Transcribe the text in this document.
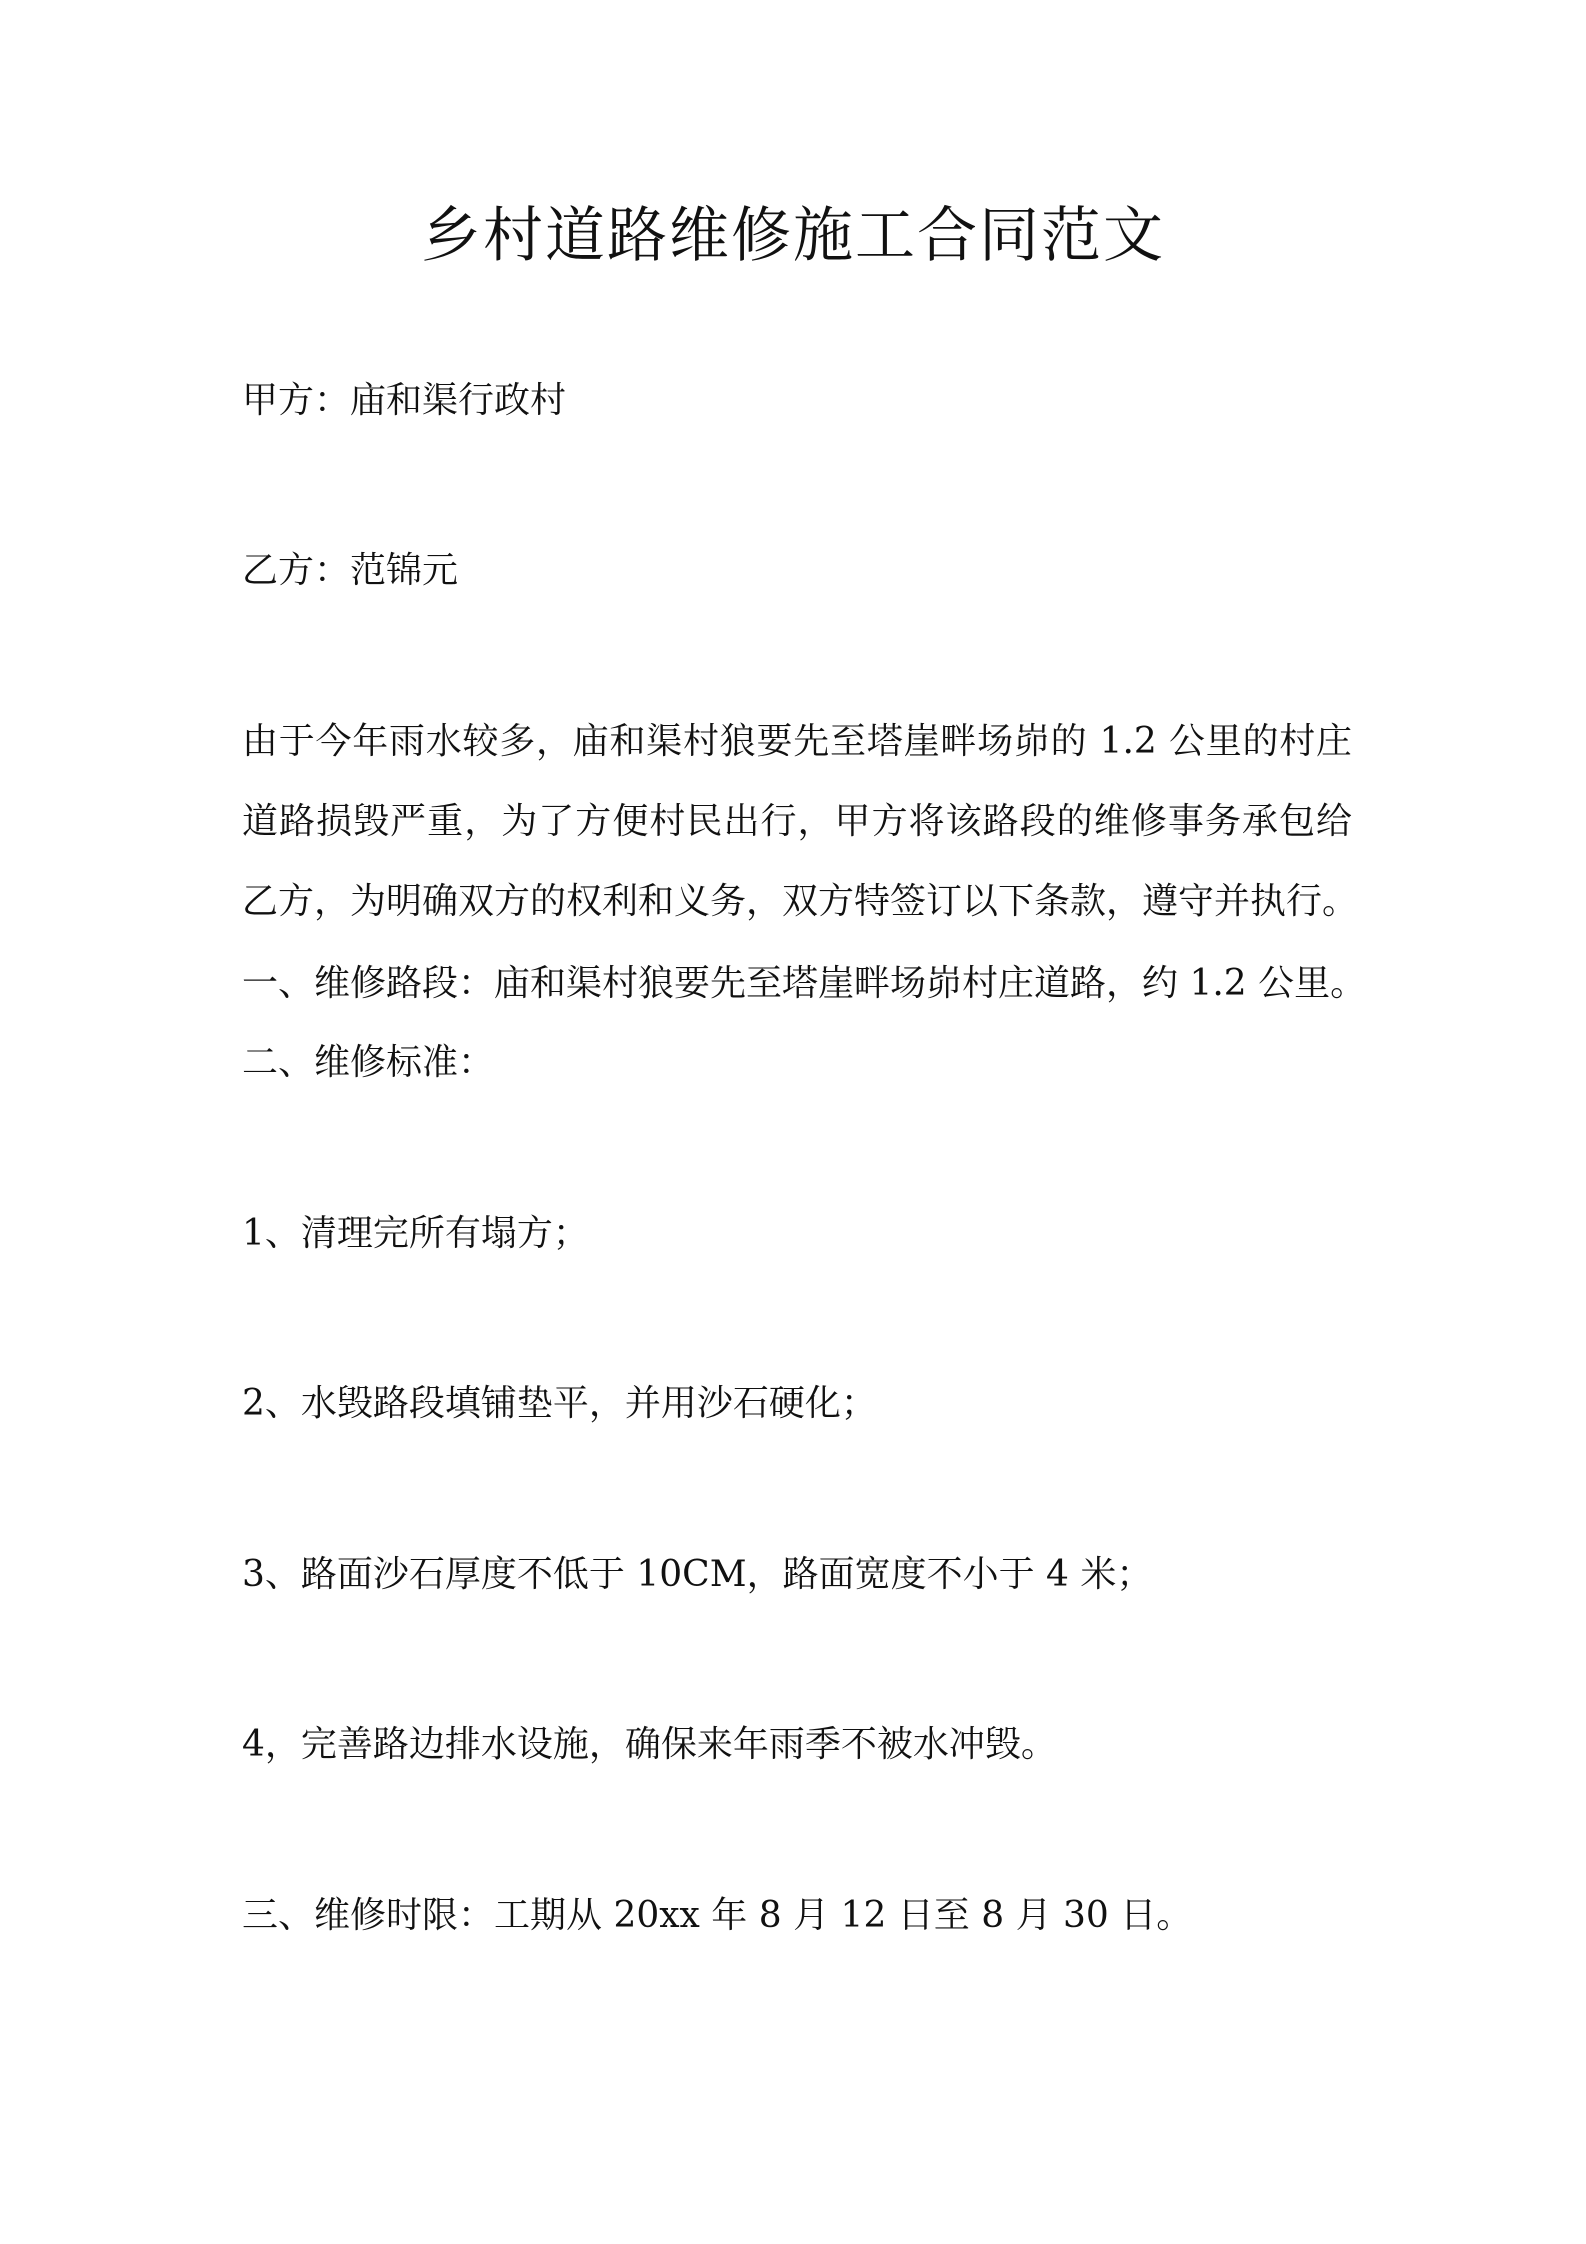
乡村道路维修施工合同范文
甲方：庙和渠行政村
乙方：范锦元
由于今年雨水较多，庙和渠村狼要先至塔崖畔场峁的 1.2 公里的村庄
道路损毁严重，为了方便村民出行，甲方将该路段的维修事务承包给
乙方，为明确双方的权利和义务，双方特签订以下条款，遵守并执行。
一、维修路段：庙和渠村狼要先至塔崖畔场峁村庄道路，约 1.2 公里。
二、维修标准：
1、清理完所有塌方；
2、水毁路段填铺垫平，并用沙石硬化；
3、路面沙石厚度不低于 10CM，路面宽度不小于 4 米；
4，完善路边排水设施，确保来年雨季不被水冲毁。
三、维修时限：工期从 20xx 年 8 月 12 日至 8 月 30 日。
